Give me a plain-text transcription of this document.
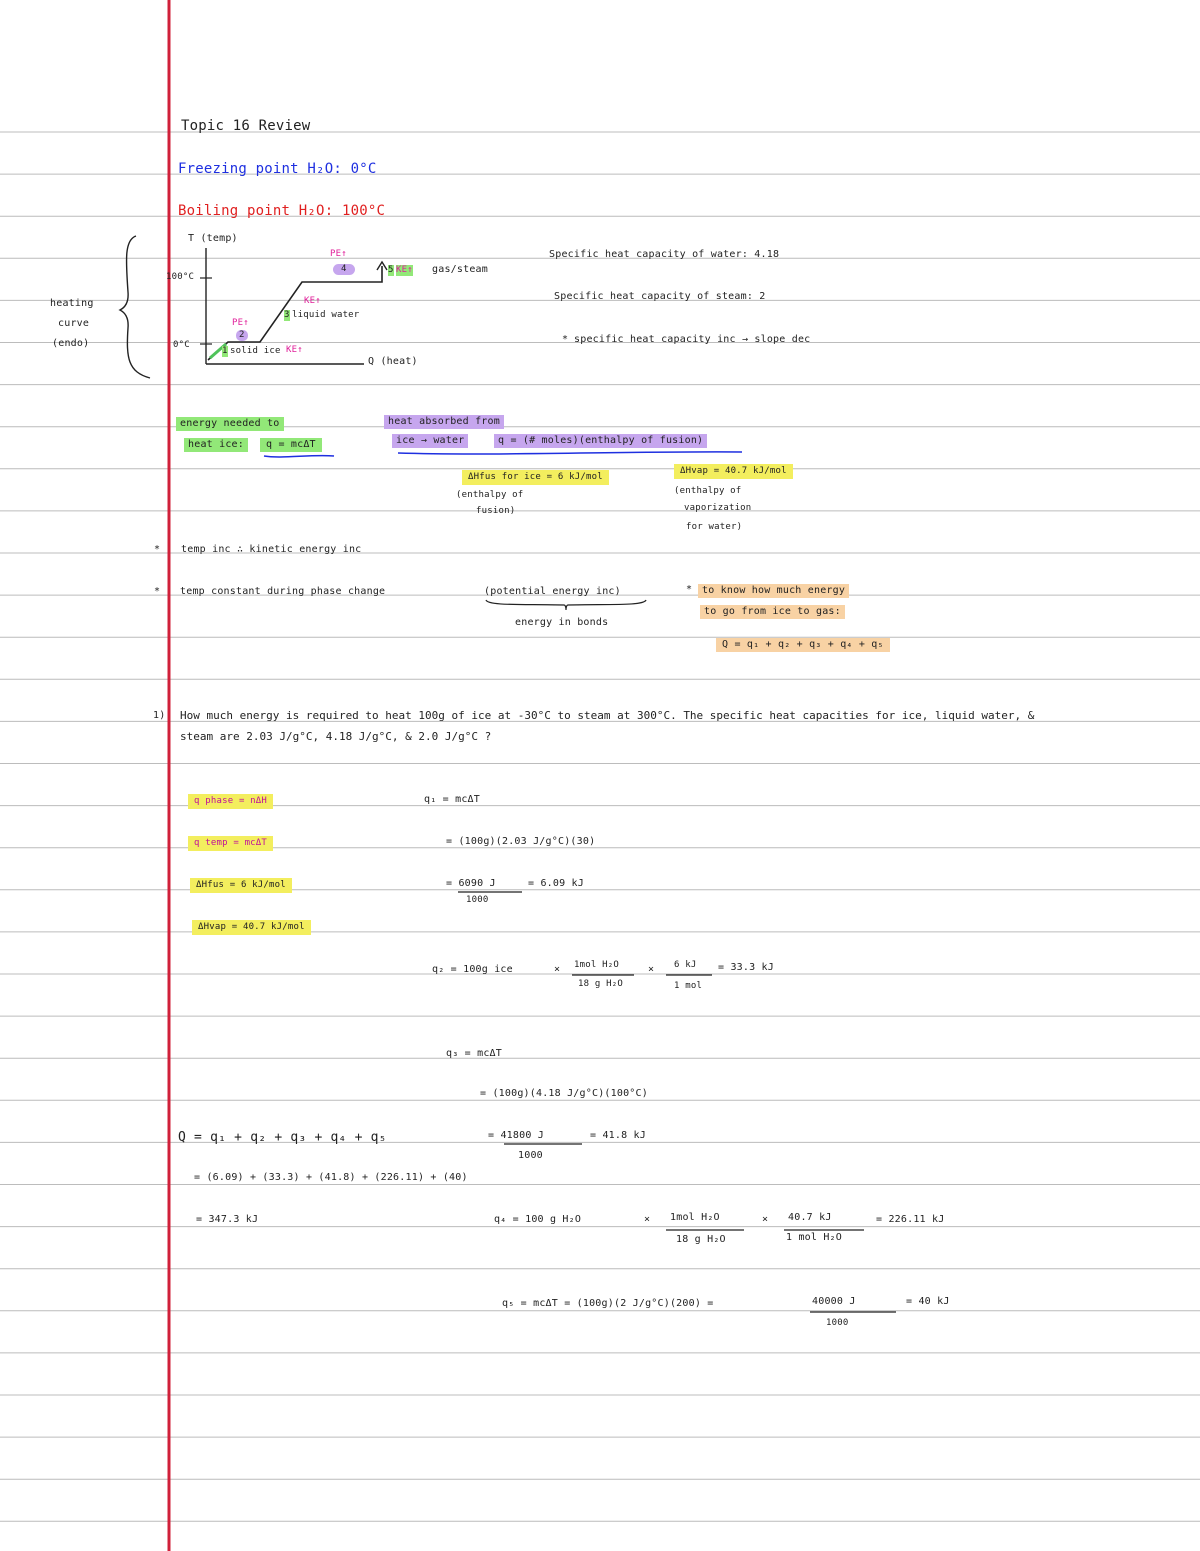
Topic 16 Review
Freezing point H₂O: 0°C
Boiling point H₂O: 100°C
heating
curve
(endo)
T (temp)
100°C
0°C
Q (heat)
PE↑
2
1 solid ice KE↑
KE↑
3 liquid water
PE↑
4	5 KE↑ gas/steam
Specific heat capacity of water: 4.18
Specific heat capacity of steam: 2
* specific heat capacity inc → slope dec
energy needed to
heat ice:	q = mcΔT
heat absorbed from
ice → water	q = (# moles)(enthalpy of fusion)
ΔHfus for ice = 6 kJ/mol
(enthalpy of
fusion)
ΔHvap = 40.7 kJ/mol
(enthalpy of
vaporization
for water)
* temp inc ∴ kinetic energy inc
* temp constant during phase change	(potential energy inc)
energy in bonds
* to know how much energy
to go from ice to gas:
Q = q₁ + q₂ + q₃ + q₄ + q₅
1) How much energy is required to heat 100g of ice at -30°C to steam at 300°C. The specific heat capacities for ice, liquid water, &
steam are 2.03 J/g°C, 4.18 J/g°C, & 2.0 J/g°C ?
q phase = nΔH
q temp = mcΔT
ΔHfus = 6 kJ/mol
ΔHvap = 40.7 kJ/mol
q₁ = mcΔT
= (100g)(2.03 J/g°C)(30)
= 6090 J	= 6.09 kJ
1000
q₂ = 100g ice	× 1mol H₂O
18 g H₂O
× 6 kJ
1 mol
= 33.3 kJ
q₃ = mcΔT
= (100g)(4.18 J/g°C)(100°C)
= 41800 J	= 41.8 kJ
1000
Q = q₁ + q₂ + q₃ + q₄ + q₅
= (6.09) + (33.3) + (41.8) + (226.11) + (40)
= 347.3 kJ	q₄ = 100 g H₂O	× 1mol H₂O
18 g H₂O
× 40.7 kJ
1 mol H₂O
= 226.11 kJ
q₅ = mcΔT = (100g)(2 J/g°C)(200) =	40000 J
1000
= 40 kJ
